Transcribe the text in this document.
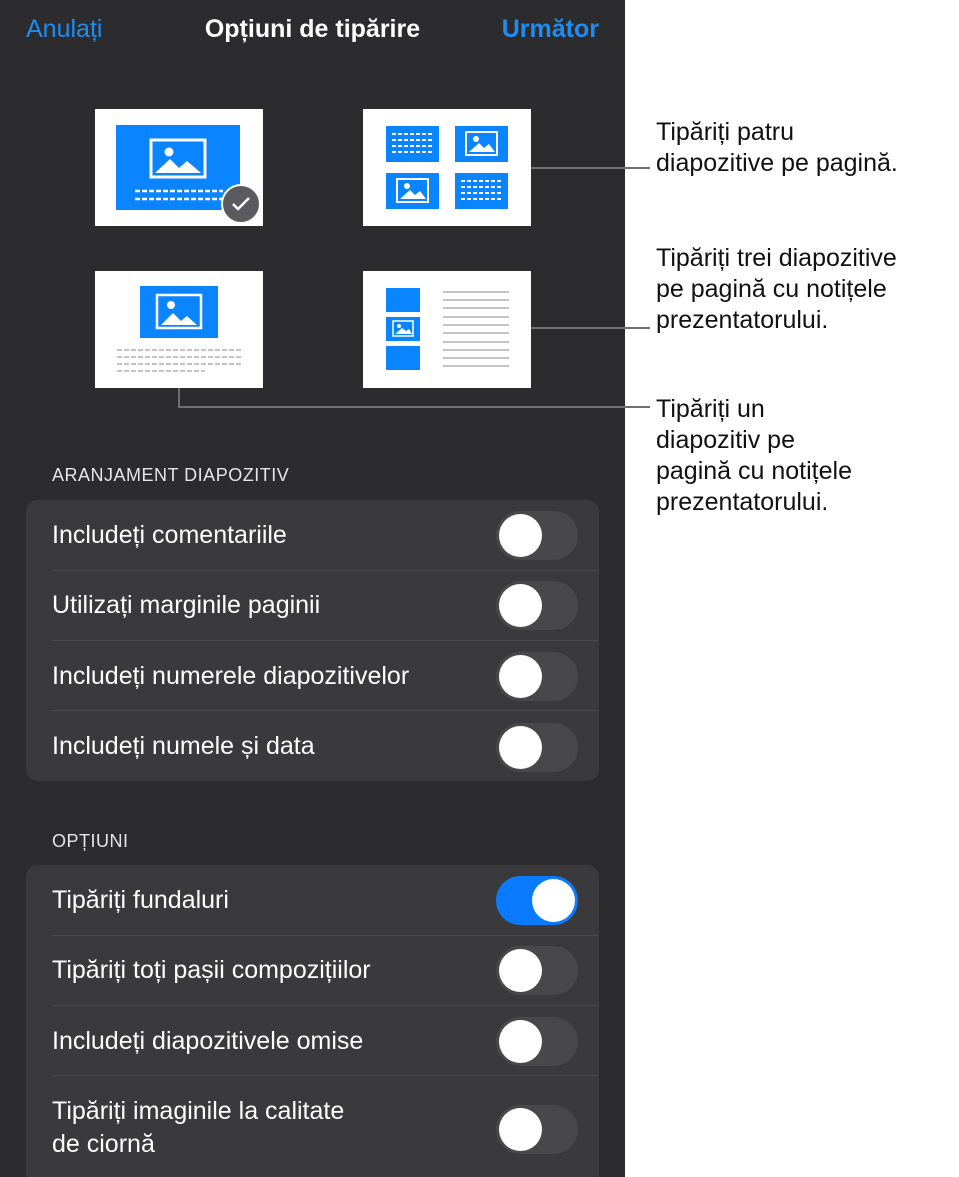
Anulați	Opțiuni de tipărire	Următor
ARANJAMENT DIAPOZITIV
Includeți comentariile
Utilizați marginile paginii
Includeți numerele diapozitivelor
Includeți numele și data
OPȚIUNI
Tipăriți fundaluri
Tipăriți toți pașii compozițiilor
Includeți diapozitivele omise
Tipăriți imaginile la calitate
de ciornă
Tipăriți patru
diapozitive pe pagină.
Tipăriți trei diapozitive
pe pagină cu notițele
prezentatorului.
Tipăriți un
diapozitiv pe
pagină cu notițele
prezentatorului.
